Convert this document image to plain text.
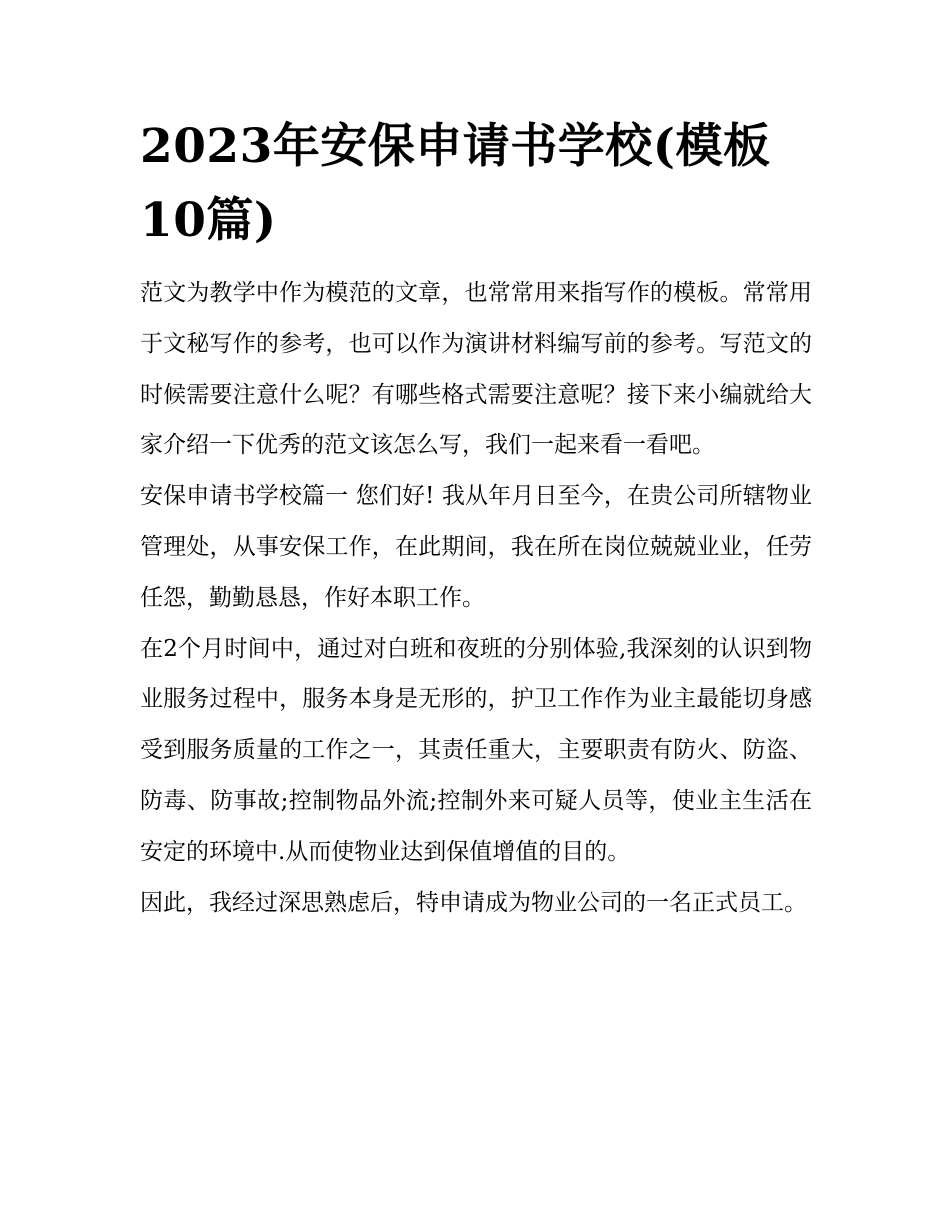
2023年安保申请书学校(模板10篇)

范文为教学中作为模范的文章，也常常用来指写作的模板。常常用于文秘写作的参考，也可以作为演讲材料编写前的参考。写范文的时候需要注意什么呢？有哪些格式需要注意呢？接下来小编就给大家介绍一下优秀的范文该怎么写，我们一起来看一看吧。

安保申请书学校篇一 您们好! 我从年月日至今，在贵公司所辖物业管理处，从事安保工作，在此期间，我在所在岗位兢兢业业，任劳任怨，勤勤恳恳，作好本职工作。

在2个月时间中，通过对白班和夜班的分别体验,我深刻的认识到物业服务过程中，服务本身是无形的，护卫工作作为业主最能切身感受到服务质量的工作之一，其责任重大，主要职责有防火、防盗、防毒、防事故;控制物品外流;控制外来可疑人员等，使业主生活在安定的环境中.从而使物业达到保值增值的目的。

因此，我经过深思熟虑后，特申请成为物业公司的一名正式员工。
